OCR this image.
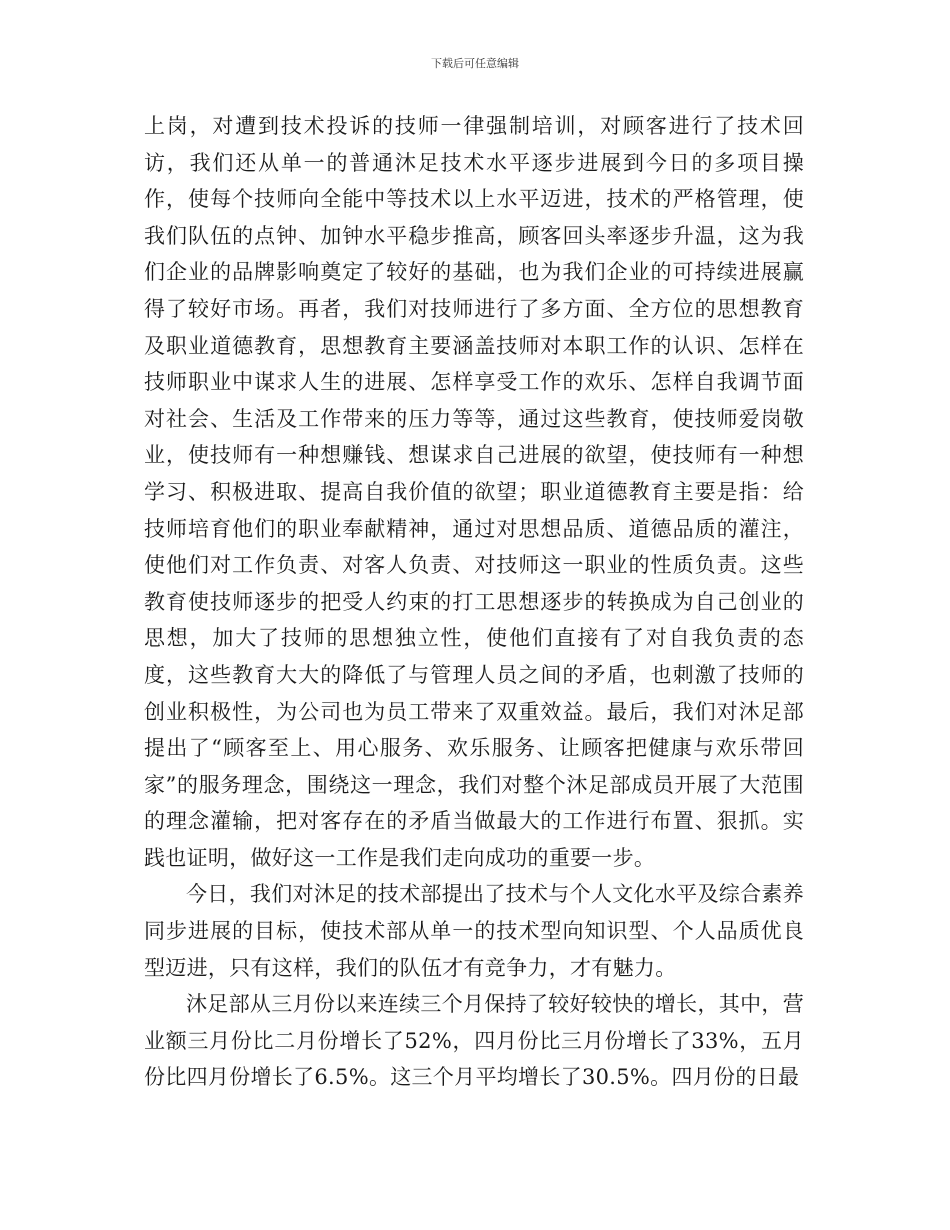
下载后可任意编辑

上岗，对遭到技术投诉的技师一律强制培训，对顾客进行了技术回访，我们还从单一的普通沐足技术水平逐步进展到今日的多项目操作，使每个技师向全能中等技术以上水平迈进，技术的严格管理，使我们队伍的点钟、加钟水平稳步推高，顾客回头率逐步升温，这为我们企业的品牌影响奠定了较好的基础，也为我们企业的可持续进展赢得了较好市场。再者，我们对技师进行了多方面、全方位的思想教育及职业道德教育，思想教育主要涵盖技师对本职工作的认识、怎样在技师职业中谋求人生的进展、怎样享受工作的欢乐、怎样自我调节面对社会、生活及工作带来的压力等等，通过这些教育，使技师爱岗敬业，使技师有一种想赚钱、想谋求自己进展的欲望，使技师有一种想学习、积极进取、提高自我价值的欲望；职业道德教育主要是指：给技师培育他们的职业奉献精神，通过对思想品质、道德品质的灌注，使他们对工作负责、对客人负责、对技师这一职业的性质负责。这些教育使技师逐步的把受人约束的打工思想逐步的转换成为自己创业的思想，加大了技师的思想独立性，使他们直接有了对自我负责的态度，这些教育大大的降低了与管理人员之间的矛盾，也刺激了技师的创业积极性，为公司也为员工带来了双重效益。最后，我们对沐足部提出了“顾客至上、用心服务、欢乐服务、让顾客把健康与欢乐带回家”的服务理念，围绕这一理念，我们对整个沐足部成员开展了大范围的理念灌输，把对客存在的矛盾当做最大的工作进行布置、狠抓。实践也证明，做好这一工作是我们走向成功的重要一步。

今日，我们对沐足的技术部提出了技术与个人文化水平及综合素养同步进展的目标，使技术部从单一的技术型向知识型、个人品质优良型迈进，只有这样，我们的队伍才有竞争力，才有魅力。

沐足部从三月份以来连续三个月保持了较好较快的增长，其中，营业额三月份比二月份增长了52%，四月份比三月份增长了33%，五月份比四月份增长了6.5%。这三个月平均增长了30.5%。四月份的日最
